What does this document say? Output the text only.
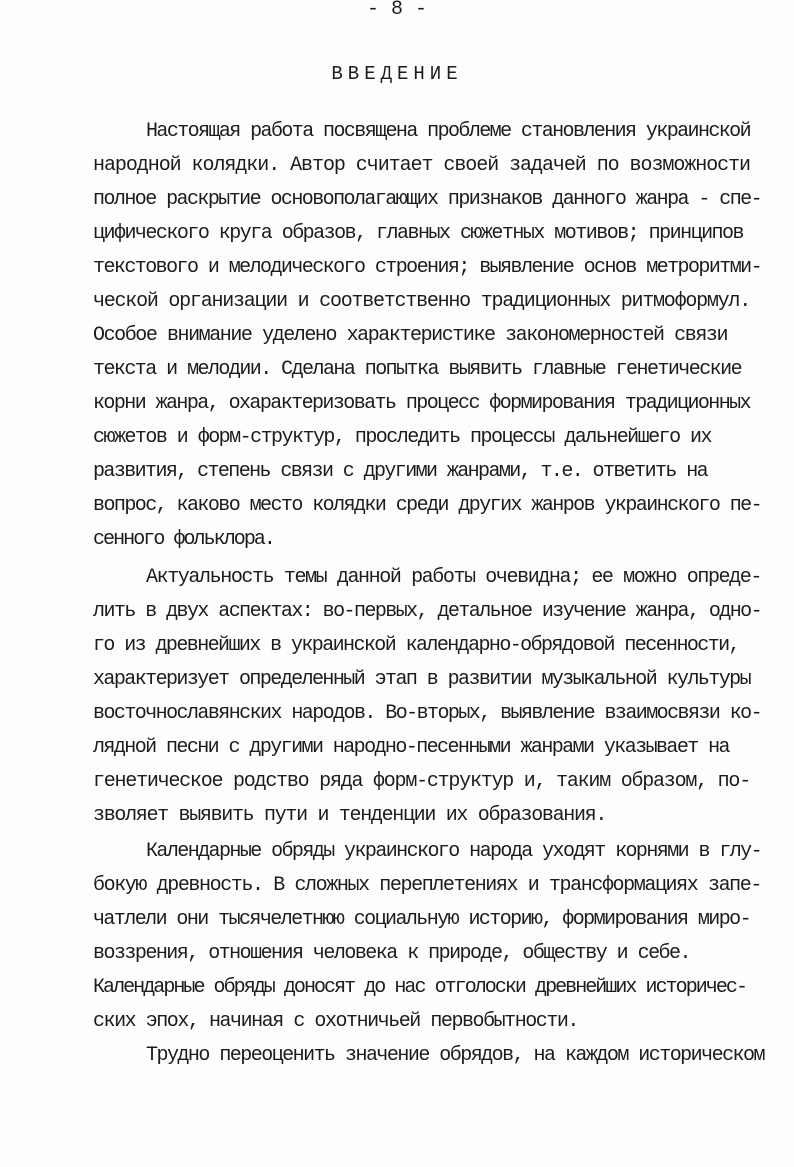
- 8 -
ВВЕДЕНИЕ
Настоящая работа посвящена проблеме становления украинской
народной колядки. Автор считает своей задачей по возможности
полное раскрытие основополагающих признаков данного жанра - спе-
цифического круга образов, главных сюжетных мотивов; принципов
текстового и мелодического строения; выявление основ метроритми-
ческой организации и соответственно традиционных ритмоформул.
Особое внимание уделено характеристике закономерностей связи
текста и мелодии. Сделана попытка выявить главные генетические
корни жанра, охарактеризовать процесс формирования традиционных
сюжетов и форм-структур, проследить процессы дальнейшего их
развития, степень связи с другими жанрами, т.е. ответить на
вопрос, каково место колядки среди других жанров украинского пе-
сенного фольклора.
Актуальность темы данной работы очевидна; ее можно опреде-
лить в двух аспектах: во-первых, детальное изучение жанра, одно-
го из древнейших в украинской календарно-обрядовой песенности,
характеризует определенный этап в развитии музыкальной культуры
восточнославянских народов. Во-вторых, выявление взаимосвязи ко-
лядной песни с другими народно-песенными жанрами указывает на
генетическое родство ряда форм-структур и, таким образом, по-
зволяет выявить пути и тенденции их образования.
Календарные обряды украинского народа уходят корнями в глу-
бокую древность. В сложных переплетениях и трансформациях запе-
чатлели они тысячелетнюю социальную историю, формирования миро-
воззрения, отношения человека к природе, обществу и себе.
Календарные обряды доносят до нас отголоски древнейших историчес-
ских эпох, начиная с охотничьей первобытности.
Трудно переоценить значение обрядов, на каждом историческом
